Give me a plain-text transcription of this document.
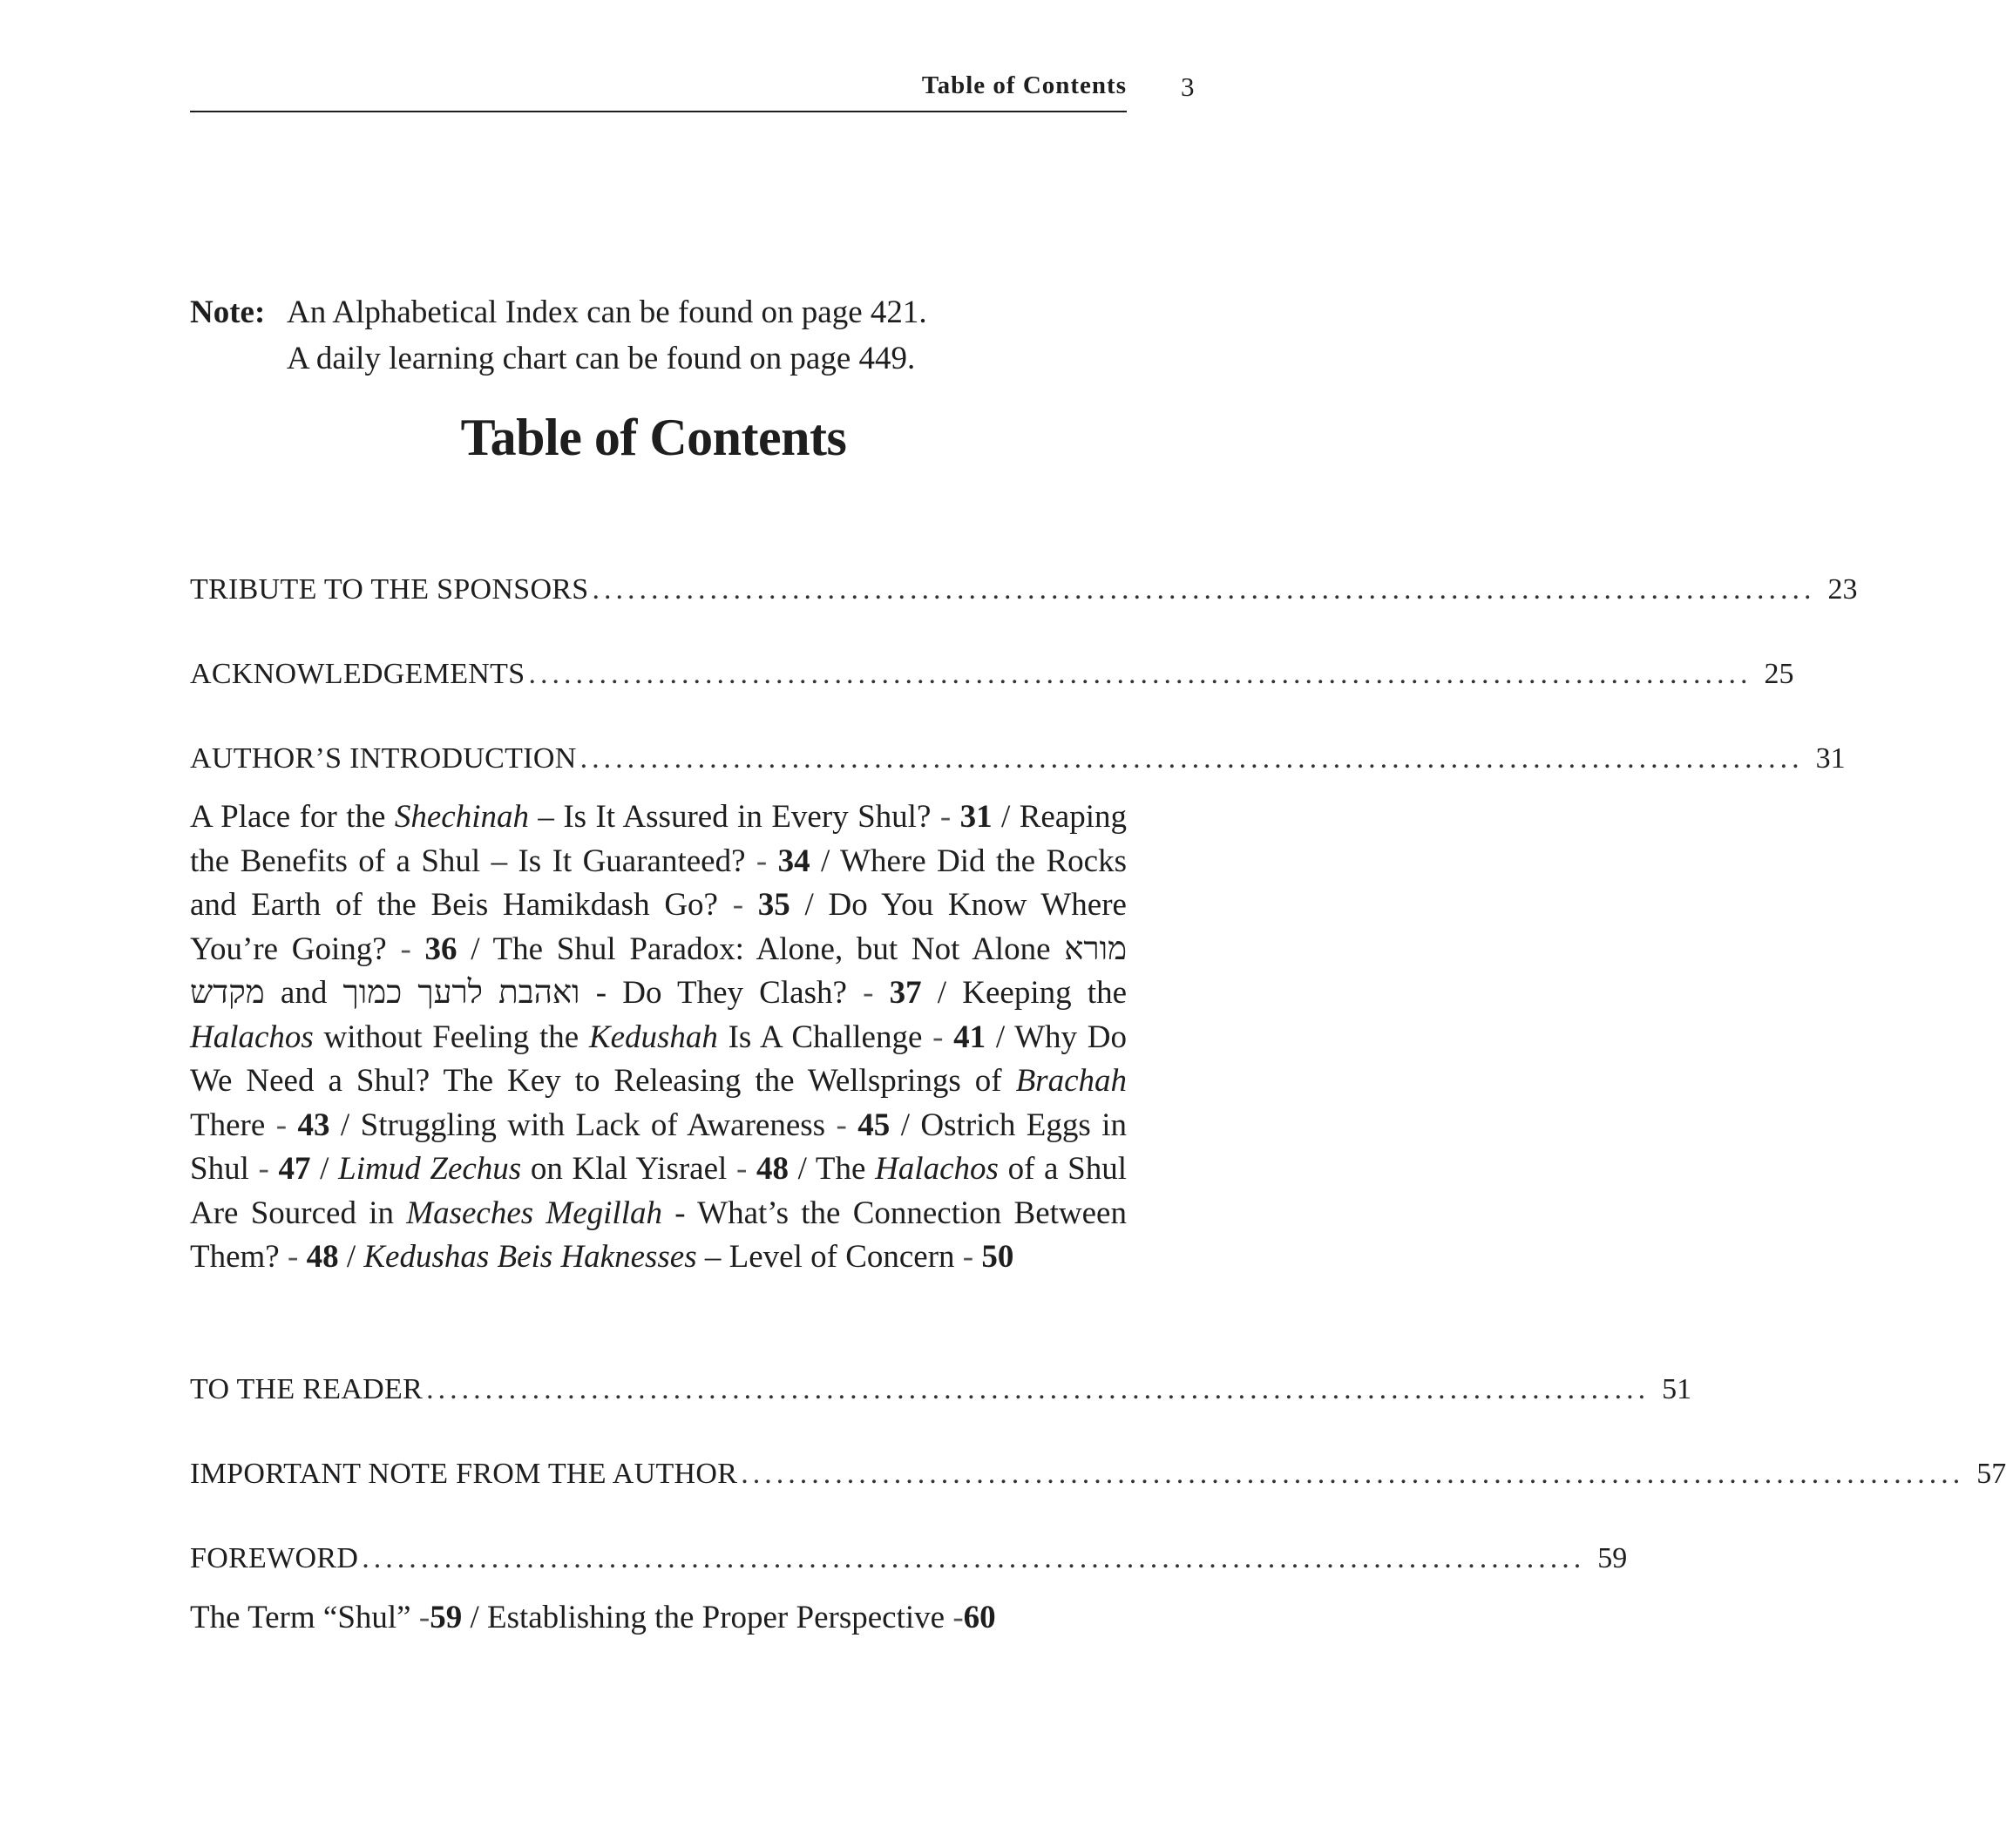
Table of Contents 3
Note: An Alphabetical Index can be found on page 421.
A daily learning chart can be found on page 449.
Table of Contents
TRIBUTE TO THE SPONSORS ........................................................................................................ 23
ACKNOWLEDGEMENTS ........................................................................................................ 25
AUTHOR’S INTRODUCTION ........................................................................................................ 31
TO THE READER ........................................................................................................ 51
IMPORTANT NOTE FROM THE AUTHOR ........................................................................................................ 57
FOREWORD ........................................................................................................ 59
A Place for the Shechinah – Is It Assured in Every Shul? - 31 / Reaping the Benefits of a Shul – Is It Guaranteed? - 34 / Where Did the Rocks and Earth of the Beis Hamikdash Go? - 35 / Do You Know Where You’re Going? - 36 / The Shul Paradox: Alone, but Not Alone מורא מקדש and ואהבת לרעך כמוך - Do They Clash? - 37 / Keeping the Halachos without Feeling the Kedushah Is A Challenge - 41 / Why Do We Need a Shul? The Key to Releasing the Wellsprings of Brachah There - 43 / Struggling with Lack of Awareness - 45 / Ostrich Eggs in Shul - 47 / Limud Zechus on Klal Yisrael - 48 / The Halachos of a Shul Are Sourced in Maseches Megillah - What’s the Connection Between Them? - 48 / Kedushas Beis Haknesses – Level of Concern - 50
The Term “Shul” -59 / Establishing the Proper Perspective -60
